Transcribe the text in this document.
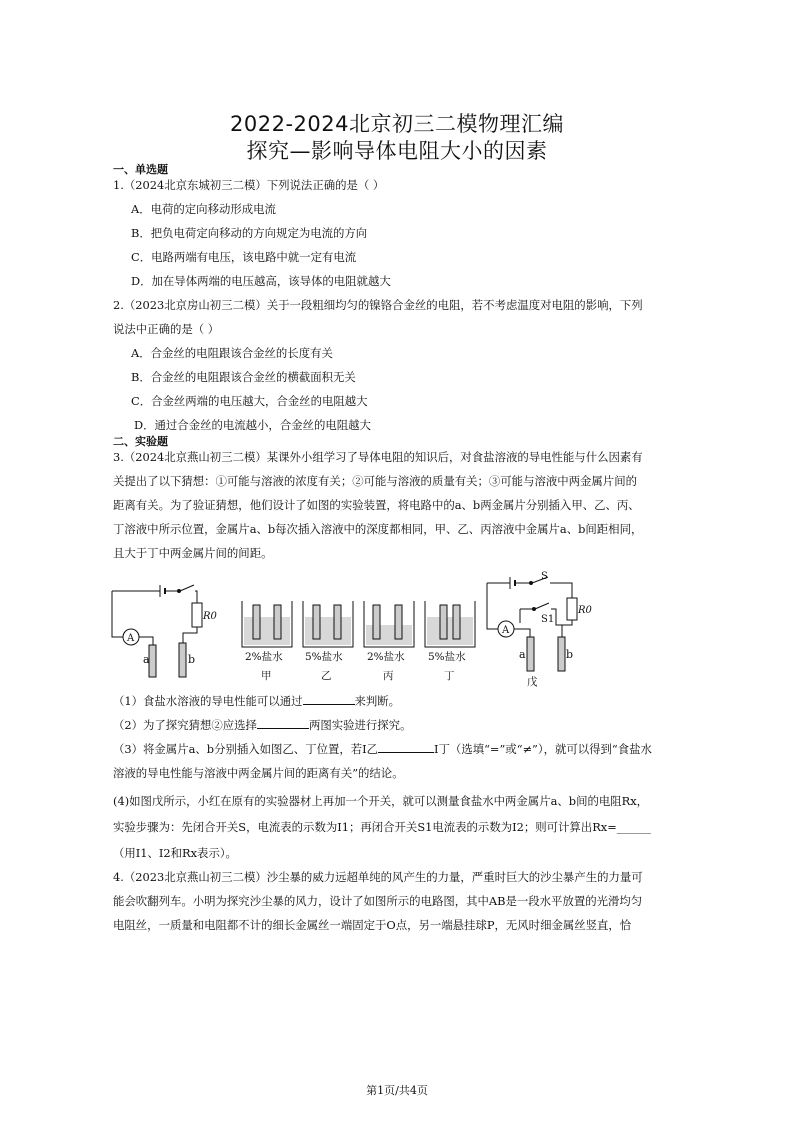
2022-2024北京初三二模物理汇编
探究—影响导体电阻大小的因素
一、单选题
1.（2024北京东城初三二模）下列说法正确的是（ ）
A．电荷的定向移动形成电流
B．把负电荷定向移动的方向规定为电流的方向
C．电路两端有电压，该电路中就一定有电流
D．加在导体两端的电压越高，该导体的电阻就越大
2.（2023北京房山初三二模）关于一段粗细均匀的镍铬合金丝的电阻，若不考虑温度对电阻的影响，下列
说法中正确的是（ ）
A．合金丝的电阻跟该合金丝的长度有关
B．合金丝的电阻跟该合金丝的横截面积无关
C．合金丝两端的电压越大，合金丝的电阻越大
D．通过合金丝的电流越小，合金丝的电阻越大
二、实验题
3.（2024北京燕山初三二模）某课外小组学习了导体电阻的知识后，对食盐溶液的导电性能与什么因素有
关提出了以下猜想：①可能与溶液的浓度有关；②可能与溶液的质量有关；③可能与溶液中两金属片间的
距离有关。为了验证猜想，他们设计了如图的实验装置，将电路中的a、b两金属片分别插入甲、乙、丙、
丁溶液中所示位置，金属片a、b每次插入溶液中的深度都相同，甲、乙、丙溶液中金属片a、b间距相同，
且大于丁中两金属片间的间距。
R0
A
a	b	2%盐水
甲
5%盐水
乙
2%盐水
丙
5%盐水
丁
S
R0
S1
A
a	b
戊
（1）食盐水溶液的导电性能可以通过	来判断。
（2）为了探究猜想②应选择	两图实验进行探究。
（3）将金属片a、b分别插入如图乙、丁位置，若I乙	I丁（选填“=”或“≠”），就可以得到“食盐水
溶液的导电性能与溶液中两金属片间的距离有关”的结论。
(4)如图戊所示，小红在原有的实验器材上再加一个开关，就可以测量食盐水中两金属片a、b间的电阻Rx，
实验步骤为：先闭合开关S，电流表的示数为I1；再闭合开关S1电流表的示数为I2；则可计算出Rx=______
（用I1、I2和Rx表示）。
4.（2023北京燕山初三二模）沙尘暴的威力远超单纯的风产生的力量，严重时巨大的沙尘暴产生的力量可
能会吹翻列车。小明为探究沙尘暴的风力，设计了如图所示的电路图，其中AB是一段水平放置的光滑均匀
电阻丝，一质量和电阻都不计的细长金属丝一端固定于O点，另一端悬挂球P，无风时细金属丝竖直，恰
第1页/共4页
